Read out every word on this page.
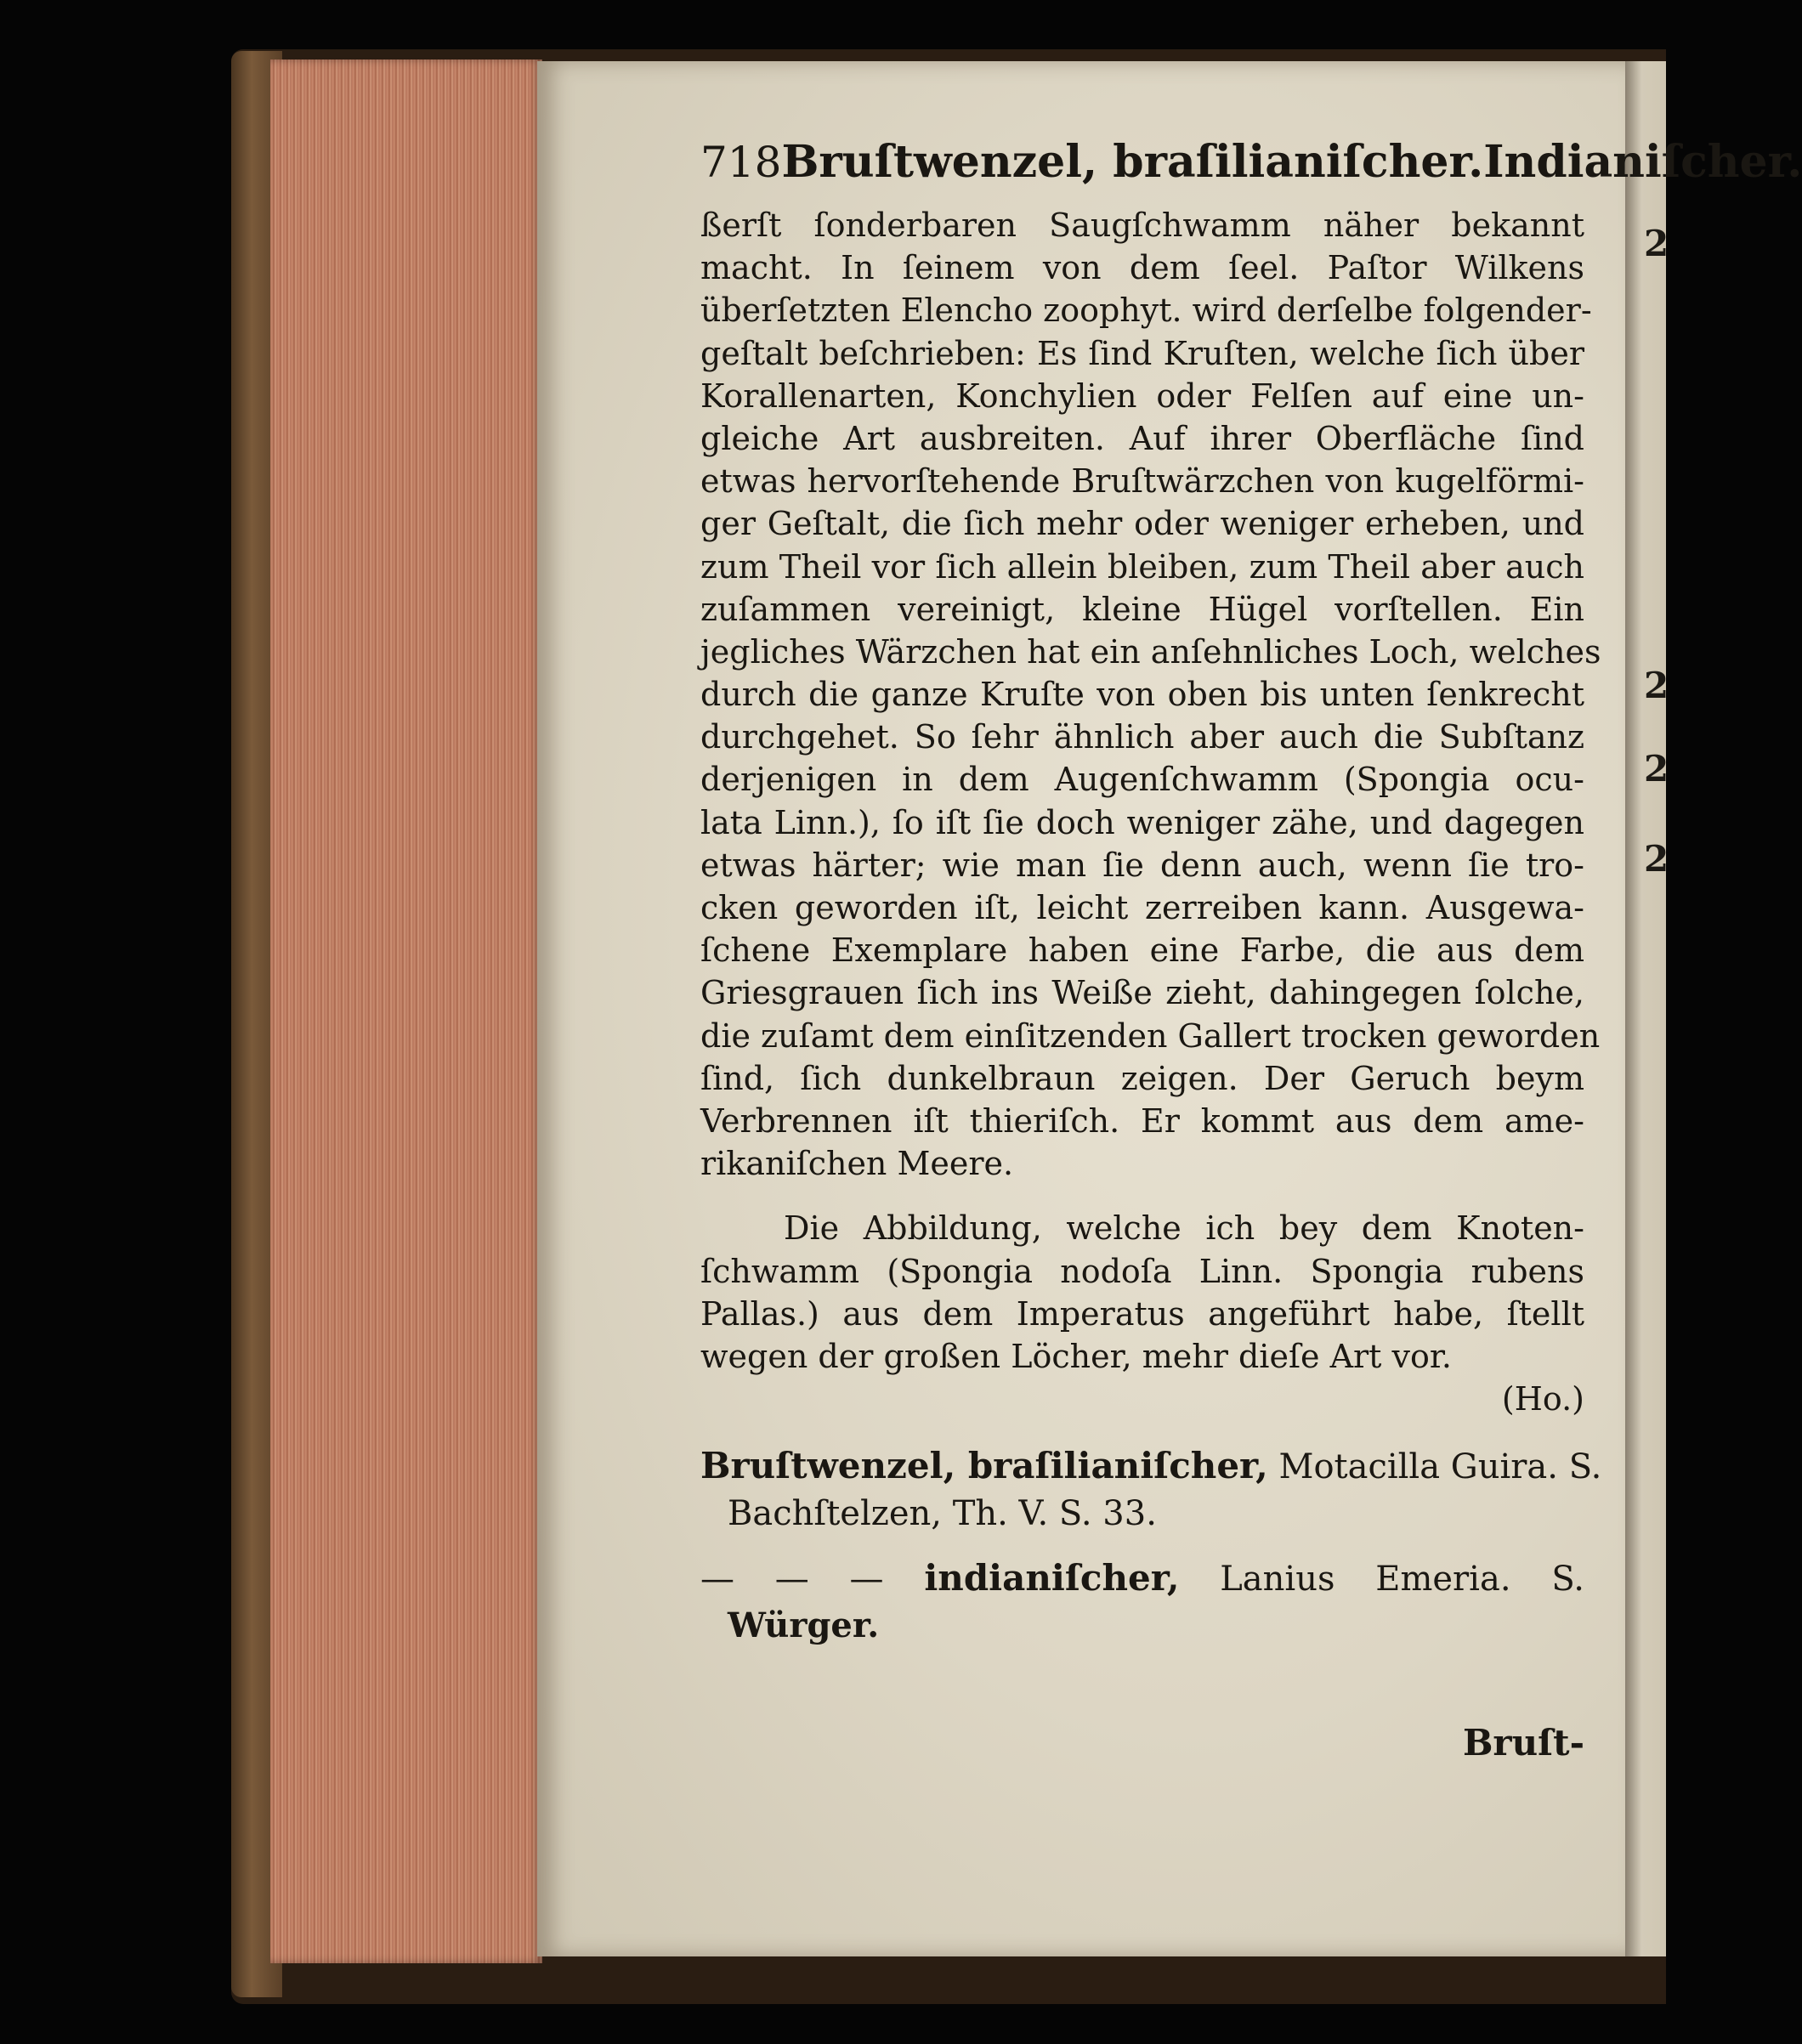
2
2
2
2
718 Bruſtwenzel, braſilianiſcher. Indianiſcher.
ßerſt ſonderbaren Saugſchwamm näher bekannt
macht. In ſeinem von dem ſeel. Paſtor Wilkens
überſetzten Elencho zoophyt. wird derſelbe folgender-
geſtalt beſchrieben: Es ſind Kruſten, welche ſich über
Korallenarten, Konchylien oder Felſen auf eine un-
gleiche Art ausbreiten. Auf ihrer Oberfläche ſind
etwas hervorſtehende Bruſtwärzchen von kugelförmi-
ger Geſtalt, die ſich mehr oder weniger erheben, und
zum Theil vor ſich allein bleiben, zum Theil aber auch
zuſammen vereinigt, kleine Hügel vorſtellen. Ein
jegliches Wärzchen hat ein anſehnliches Loch, welches
durch die ganze Kruſte von oben bis unten ſenkrecht
durchgehet. So ſehr ähnlich aber auch die Subſtanz
derjenigen in dem Augenſchwamm (Spongia ocu-
lata Linn.), ſo iſt ſie doch weniger zähe, und dagegen
etwas härter; wie man ſie denn auch, wenn ſie tro-
cken geworden iſt, leicht zerreiben kann. Ausgewa-
ſchene Exemplare haben eine Farbe, die aus dem
Griesgrauen ſich ins Weiße zieht, dahingegen ſolche,
die zuſamt dem einſitzenden Gallert trocken geworden
ſind, ſich dunkelbraun zeigen. Der Geruch beym
Verbrennen iſt thieriſch. Er kommt aus dem ame-
rikaniſchen Meere.
Die Abbildung, welche ich bey dem Knoten-
ſchwamm (Spongia nodoſa Linn. Spongia rubens
Pallas.) aus dem Imperatus angeführt habe, ſtellt
wegen der großen Löcher, mehr dieſe Art vor.
(Ho.)
Bruſtwenzel, braſilianiſcher, Motacilla Guira. S.
Bachſtelzen, Th. V. S. 33.
— — — indianiſcher, Lanius Emeria. S.
Würger.
Bruſt-
